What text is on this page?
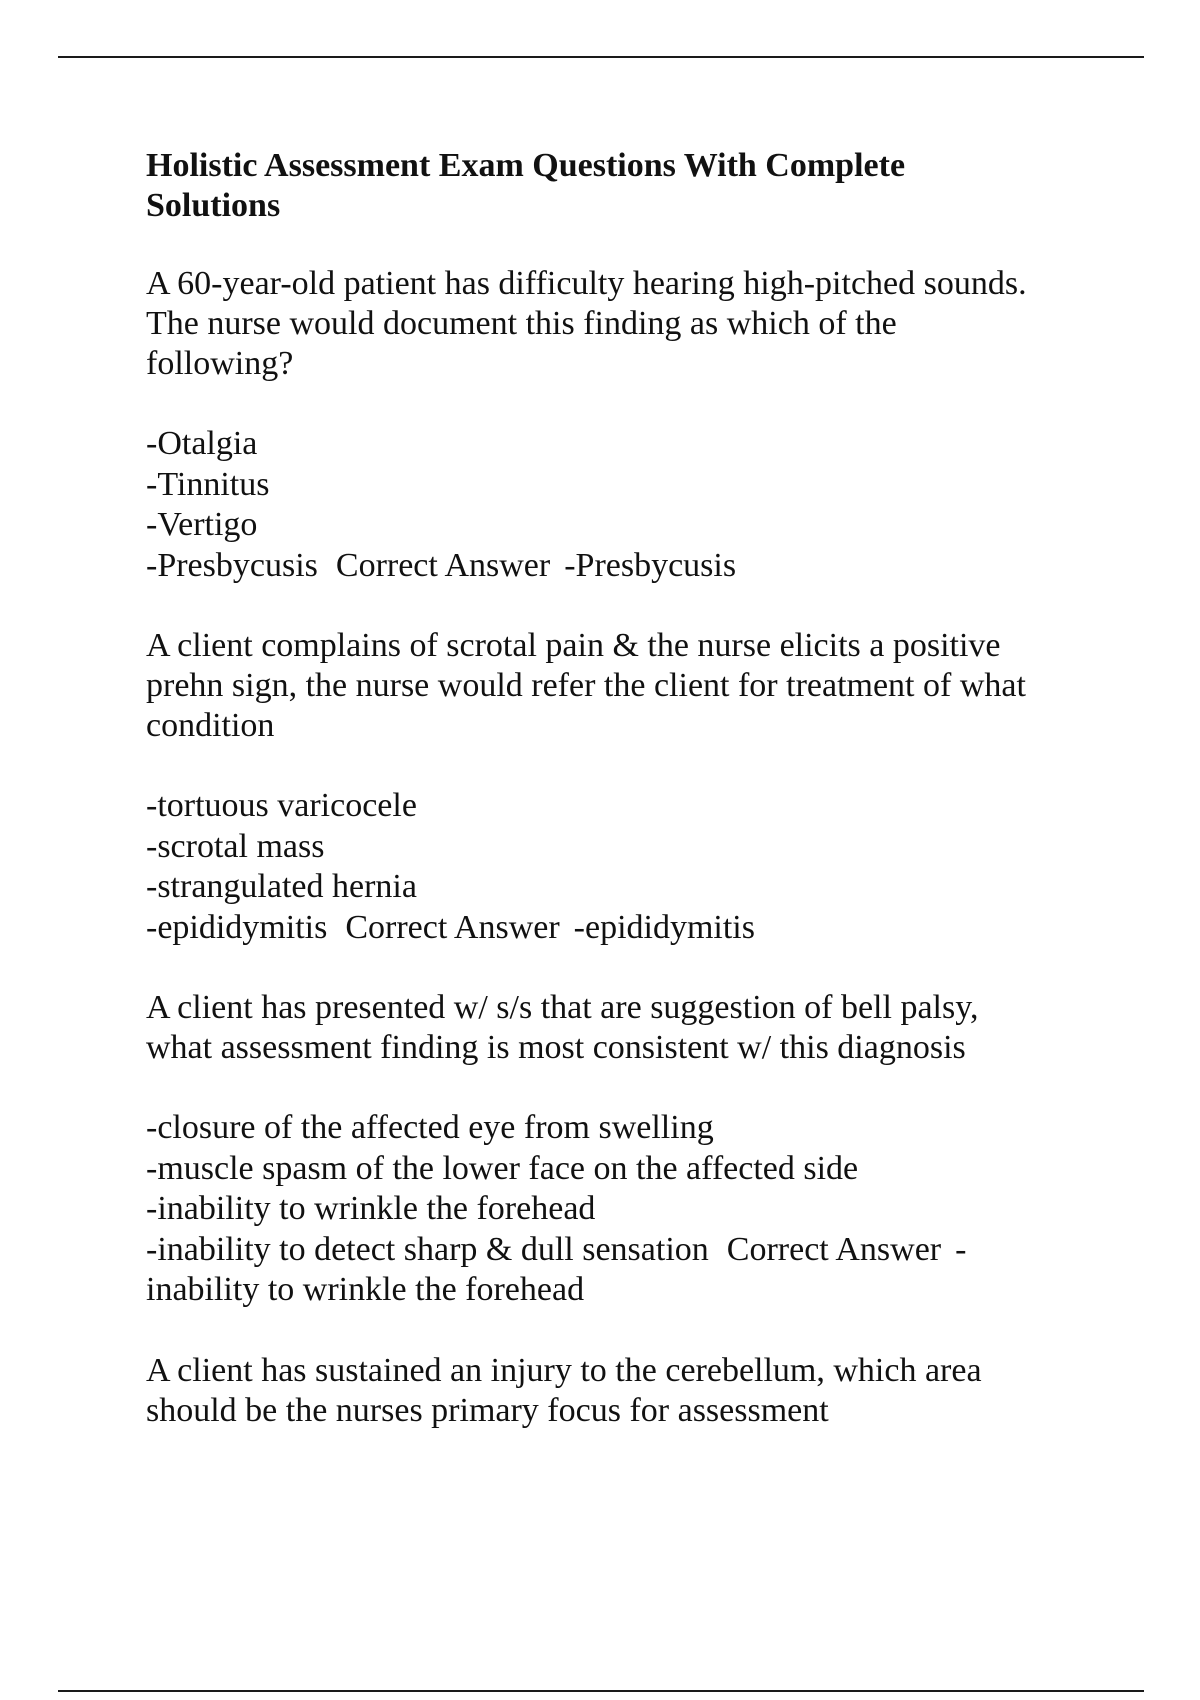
Holistic Assessment Exam Questions With Complete
Solutions
A 60-year-old patient has difficulty hearing high-pitched sounds.
The nurse would document this finding as which of the
following?
-Otalgia
-Tinnitus
-Vertigo
-Presbycusis Correct Answer -Presbycusis
A client complains of scrotal pain & the nurse elicits a positive
prehn sign, the nurse would refer the client for treatment of what
condition
-tortuous varicocele
-scrotal mass
-strangulated hernia
-epididymitis Correct Answer -epididymitis
A client has presented w/ s/s that are suggestion of bell palsy,
what assessment finding is most consistent w/ this diagnosis
-closure of the affected eye from swelling
-muscle spasm of the lower face on the affected side
-inability to wrinkle the forehead
-inability to detect sharp & dull sensation Correct Answer -
inability to wrinkle the forehead
A client has sustained an injury to the cerebellum, which area
should be the nurses primary focus for assessment
